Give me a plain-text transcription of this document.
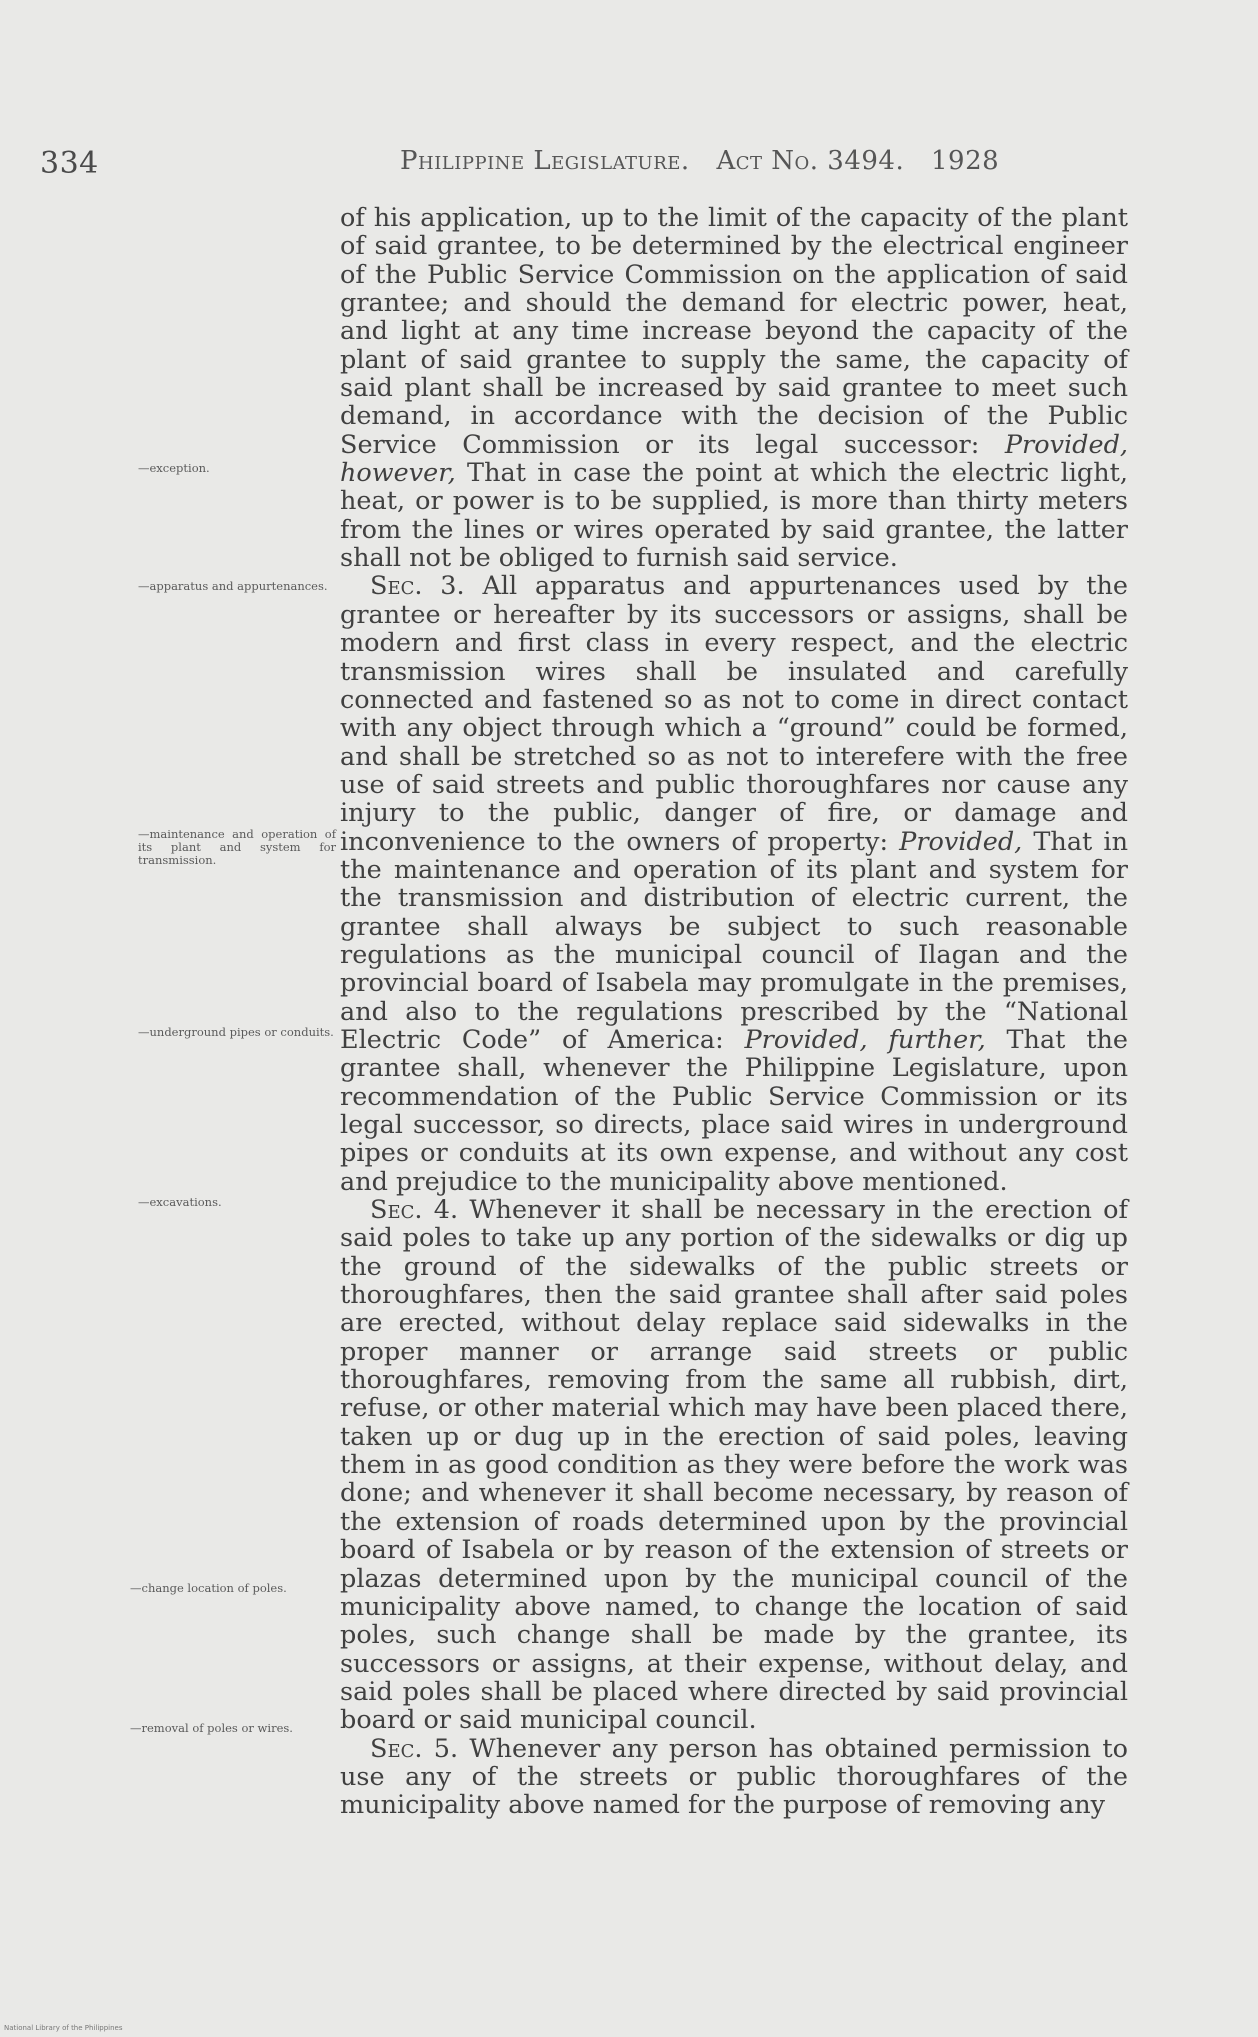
334	Philippine Legislature. Act No. 3494. 1928
—exception.
—apparatus and appurtenances.
—maintenance and operation of its plant and system for transmission.
—underground pipes or conduits.
—excavations.
—change location of poles.
—removal of poles or wires.

of his application, up to the limit of the capacity of the plant of said grantee, to be determined by the electrical engineer of the Public Service Commission on the application of said grantee; and should the demand for electric power, heat, and light at any time increase beyond the capacity of the plant of said grantee to supply the same, the capacity of said plant shall be increased by said grantee to meet such demand, in accordance with the decision of the Public Service Commission or its legal successor: Provided, however, That in case the point at which the electric light, heat, or power is to be supplied, is more than thirty meters from the lines or wires operated by said grantee, the latter shall not be obliged to furnish said service.

Sec. 3. All apparatus and appurtenances used by the grantee or hereafter by its successors or assigns, shall be modern and first class in every respect, and the electric transmission wires shall be insulated and carefully connected and fastened so as not to come in direct contact with any object through which a “ground” could be formed, and shall be stretched so as not to interefere with the free use of said streets and public thoroughfares nor cause any injury to the public, danger of fire, or damage and inconvenience to the owners of property: Provided, That in the maintenance and operation of its plant and system for the transmission and distribution of electric current, the grantee shall always be subject to such reasonable regulations as the municipal council of Ilagan and the provincial board of Isabela may promulgate in the premises, and also to the regulations prescribed by the “National Electric Code” of America: Provided, further, That the grantee shall, whenever the Philippine Legislature, upon recommendation of the Public Service Commission or its legal successor, so directs, place said wires in underground pipes or conduits at its own expense, and without any cost and prejudice to the municipality above mentioned.

Sec. 4. Whenever it shall be necessary in the erection of said poles to take up any portion of the sidewalks or dig up the ground of the sidewalks of the public streets or thoroughfares, then the said grantee shall after said poles are erected, without delay replace said sidewalks in the proper manner or arrange said streets or public thoroughfares, removing from the same all rubbish, dirt, refuse, or other material which may have been placed there, taken up or dug up in the erection of said poles, leaving them in as good condition as they were before the work was done; and whenever it shall become necessary, by reason of the extension of roads determined upon by the provincial board of Isabela or by reason of the extension of streets or plazas determined upon by the municipal council of the municipality above named, to change the location of said poles, such change shall be made by the grantee, its successors or assigns, at their expense, without delay, and said poles shall be placed where directed by said provincial board or said municipal council.

Sec. 5. Whenever any person has obtained permission to use any of the streets or public thoroughfares of the municipality above named for the purpose of removing any

National Library of the Philippines
